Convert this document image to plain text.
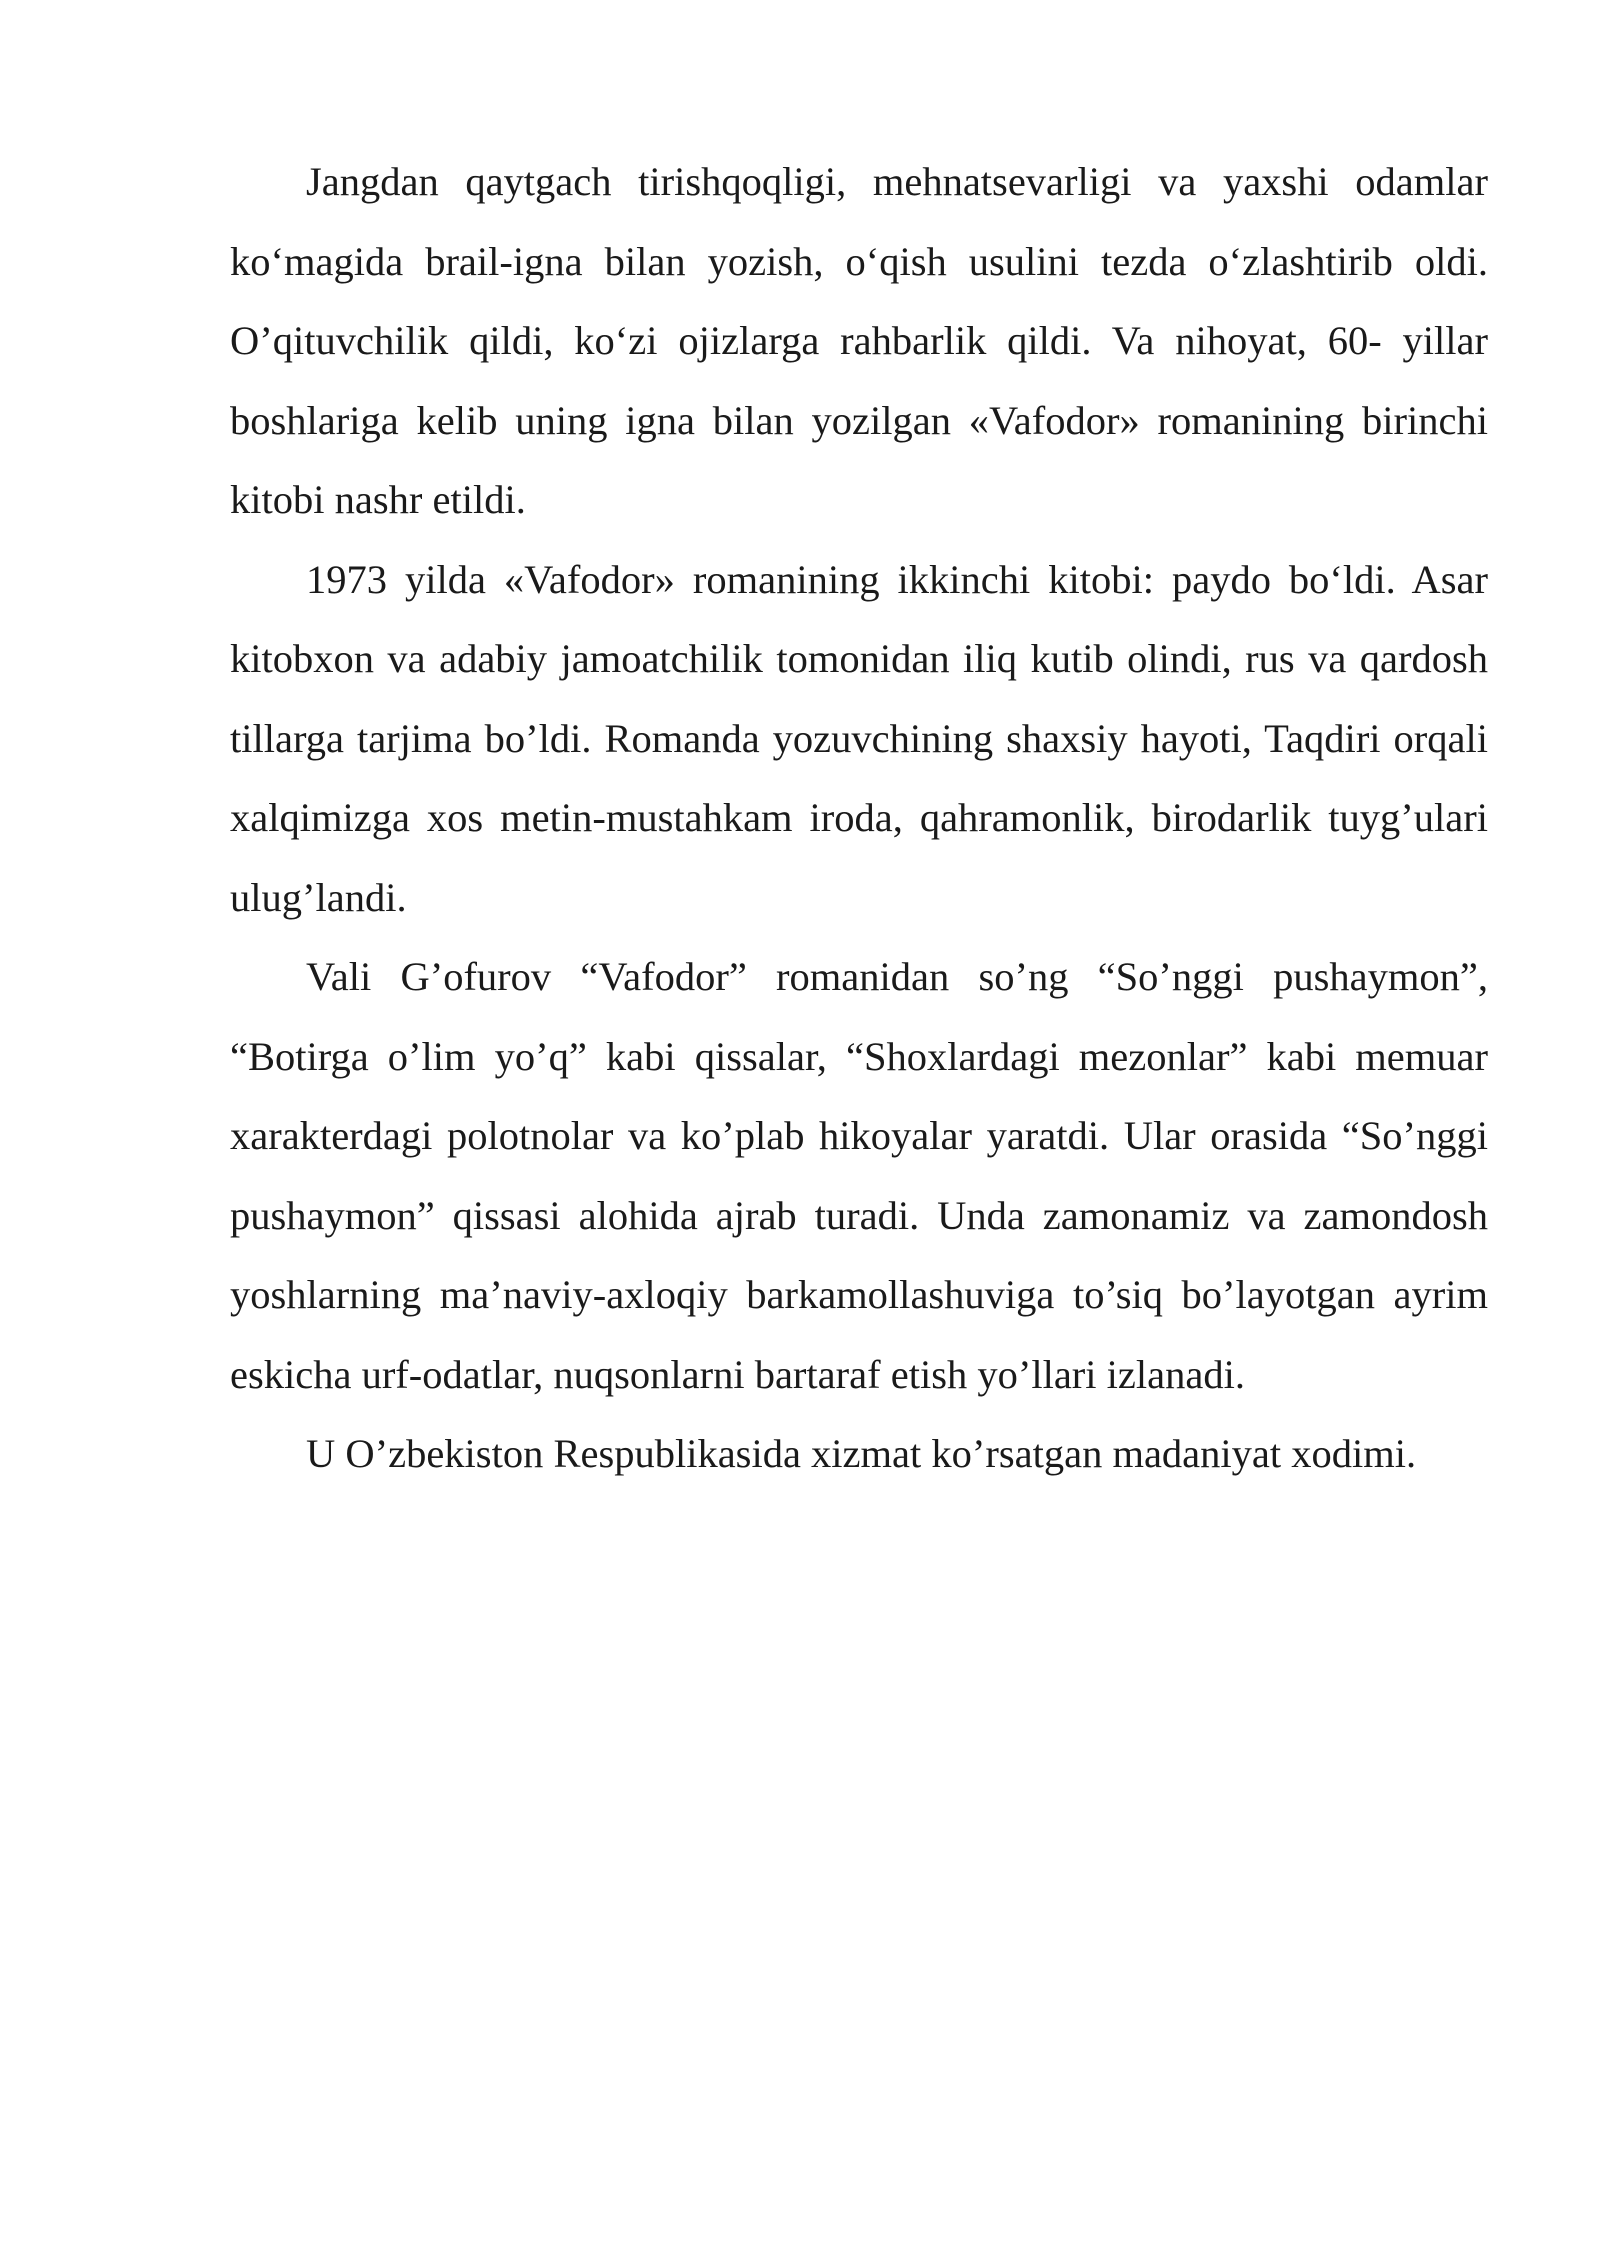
Jangdan qaytgach tirishqoqligi, mehnatsevarligi va yaxshi odamlar ko‘magida brail-igna bilan yozish, o‘qish usulini tezda o‘zlashtirib oldi. O’qituvchilik qildi, ko‘zi ojizlarga rahbarlik qildi. Va nihoyat, 60- yillar boshlariga kelib uning igna bilan yozilgan «Vafodor» romanining birinchi kitobi nashr etildi.

1973 yilda «Vafodor» romanining ikkinchi kitobi: paydo bo‘ldi. Asar kitobxon va adabiy jamoatchilik tomonidan iliq kutib olindi, rus va qardosh tillarga tarjima bo’ldi. Romanda yozuvchining shaxsiy hayoti, Taqdiri orqali xalqimizga xos metin-mustahkam iroda, qahramonlik, birodarlik tuyg’ulari ulug’landi.

Vali G’ofurov “Vafodor” romanidan so’ng “So’nggi pushaymon”, “Botirga o’lim yo’q” kabi qissalar, “Shoxlardagi mezonlar” kabi memuar xarakterdagi polotnolar va ko’plab hikoyalar yaratdi. Ular orasida “So’nggi pushaymon” qissasi alohida ajrab turadi. Unda zamonamiz va zamondosh yoshlarning ma’naviy-axloqiy barkamollashuviga to’siq bo’layotgan ayrim eskicha urf-odatlar, nuqsonlarni bartaraf etish yo’llari izlanadi.

U O’zbekiston Respublikasida xizmat ko’rsatgan madaniyat xodimi.
